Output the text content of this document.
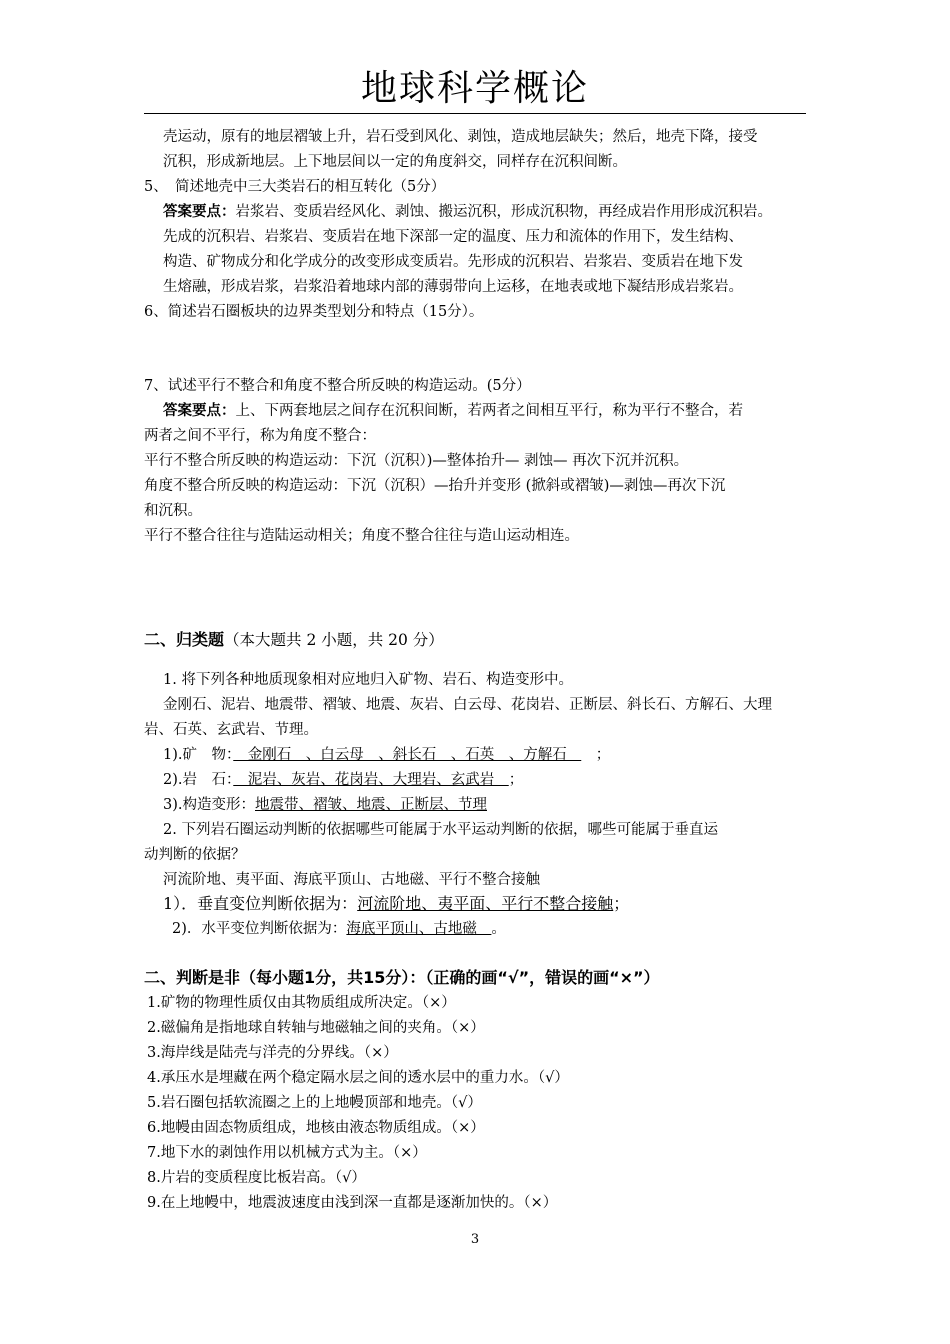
地球科学概论
壳运动，原有的地层褶皱上升，岩石受到风化、剥蚀，造成地层缺失；然后，地壳下降，接受
沉积，形成新地层。上下地层间以一定的角度斜交，同样存在沉积间断。
5、　简述地壳中三大类岩石的相互转化（5分）
答案要点：岩浆岩、变质岩经风化、剥蚀、搬运沉积，形成沉积物，再经成岩作用形成沉积岩。
先成的沉积岩、岩浆岩、变质岩在地下深部一定的温度、压力和流体的作用下，发生结构、
构造、矿物成分和化学成分的改变形成变质岩。先形成的沉积岩、岩浆岩、变质岩在地下发
生熔融，形成岩浆，岩浆沿着地球内部的薄弱带向上运移，在地表或地下凝结形成岩浆岩。
6、简述岩石圈板块的边界类型划分和特点（15分）。
7、试述平行不整合和角度不整合所反映的构造运动。(5分）
答案要点：上、下两套地层之间存在沉积间断，若两者之间相互平行，称为平行不整合，若
两者之间不平行，称为角度不整合：
平行不整合所反映的构造运动：下沉（沉积）)—整体抬升— 剥蚀— 再次下沉并沉积。
角度不整合所反映的构造运动：下沉（沉积）—抬升并变形 (掀斜或褶皱)—剥蚀—再次下沉
和沉积。
平行不整合往往与造陆运动相关；角度不整合往往与造山运动相连。
二、归类题（本大题共 2 小题，共 20 分）
1. 将下列各种地质现象相对应地归入矿物、岩石、构造变形中。
金刚石、泥岩、地震带、褶皱、地震、灰岩、白云母、花岗岩、正断层、斜长石、方解石、大理
岩、石英、玄武岩、节理。
1).矿　物：　金刚石　、白云母　、斜长石　、石英　、方解石　　；
2).岩　石：　泥岩、灰岩、花岗岩、大理岩、玄武岩　；
3).构造变形：地震带、褶皱、地震、正断层、节理
2. 下列岩石圈运动判断的依据哪些可能属于水平运动判断的依据，哪些可能属于垂直运
动判断的依据？
河流阶地、夷平面、海底平顶山、古地磁、平行不整合接触
1）．垂直变位判断依据为：河流阶地、夷平面、平行不整合接触；
2)．水平变位判断依据为：海底平顶山、古地磁　。
二、判断是非（每小题1分，共15分）：（正确的画“√”，错误的画“×”）
1.矿物的物理性质仅由其物质组成所决定。（×）
2.磁偏角是指地球自转轴与地磁轴之间的夹角。（×）
3.海岸线是陆壳与洋壳的分界线。（×）
4.承压水是埋藏在两个稳定隔水层之间的透水层中的重力水。（√）
5.岩石圈包括软流圈之上的上地幔顶部和地壳。（√）
6.地幔由固态物质组成，地核由液态物质组成。（×）
7.地下水的剥蚀作用以机械方式为主。（×）
8.片岩的变质程度比板岩高。（√）
9.在上地幔中，地震波速度由浅到深一直都是逐渐加快的。（×）
3
